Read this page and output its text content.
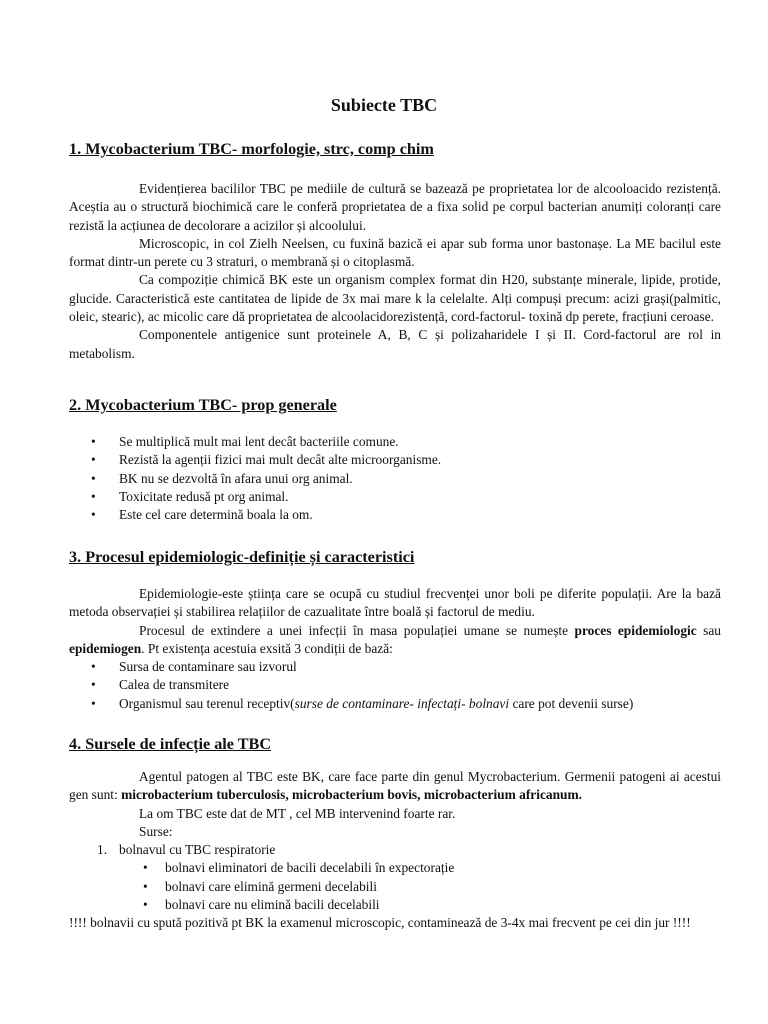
Subiecte TBC
1. Mycobacterium TBC- morfologie, strc, comp chim

Evidențierea bacililor TBC pe mediile de cultură se bazează pe proprietatea lor de alcooloacido rezistență. Aceștia au o structură biochimică care le conferă proprietatea de a fixa solid pe corpul bacterian anumiți coloranți care rezistă la acțiunea de decolorare a acizilor și alcoolului.

Microscopic, in col Zielh Neelsen, cu fuxină bazică ei apar sub forma unor bastonașe. La ME bacilul este format dintr-un perete cu 3 straturi, o membrană și o citoplasmă.

Ca compoziție chimică BK este un organism complex format din H20, substanțe minerale, lipide, protide, glucide. Caracteristică este cantitatea de lipide de 3x mai mare k la celelalte. Alți compuși precum: acizi grași(palmitic, oleic, stearic), ac micolic care dă proprietatea de alcoolacidorezistență, cord-factorul- toxină dp perete, fracțiuni ceroase.

Componentele antigenice sunt proteinele A, B, C și polizaharidele I și II. Cord-factorul are rol in metabolism.

2. Mycobacterium TBC- prop generale
• Se multiplică mult mai lent decât bacteriile comune.
• Rezistă la agenții fizici mai mult decât alte microorganisme.
• BK nu se dezvoltă în afara unui org animal.
• Toxicitate redusă pt org animal.
• Este cel care determină boala la om.
3. Procesul epidemiologic-definiție și caracteristici

Epidemiologie-este știința care se ocupă cu studiul frecvenței unor boli pe diferite populații. Are la bază metoda observației și stabilirea relațiilor de cazualitate între boală și factorul de mediu.

Procesul de extindere a unei infecții în masa populației umane se numește proces epidemiologic sau epidemiogen. Pt existența acestuia exsită 3 condiții de bază:

• Sursa de contaminare sau izvorul
• Calea de transmitere
• Organismul sau terenul receptiv(surse de contaminare- infectați- bolnavi care pot devenii surse)
4. Sursele de infecție ale TBC

Agentul patogen al TBC este BK, care face parte din genul Mycrobacterium. Germenii patogeni ai acestui gen sunt: microbacterium tuberculosis, microbacterium bovis, microbacterium africanum.

La om TBC este dat de MT , cel MB intervenind foarte rar.
Surse:
1. bolnavul cu TBC respiratorie
• bolnavi eliminatori de bacili decelabili în expectorație
• bolnavi care elimină germeni decelabili
• bolnavi care nu elimină bacili decelabili

!!!! bolnavii cu spută pozitivă pt BK la examenul microscopic, contaminează de 3-4x mai frecvent pe cei din jur !!!!
